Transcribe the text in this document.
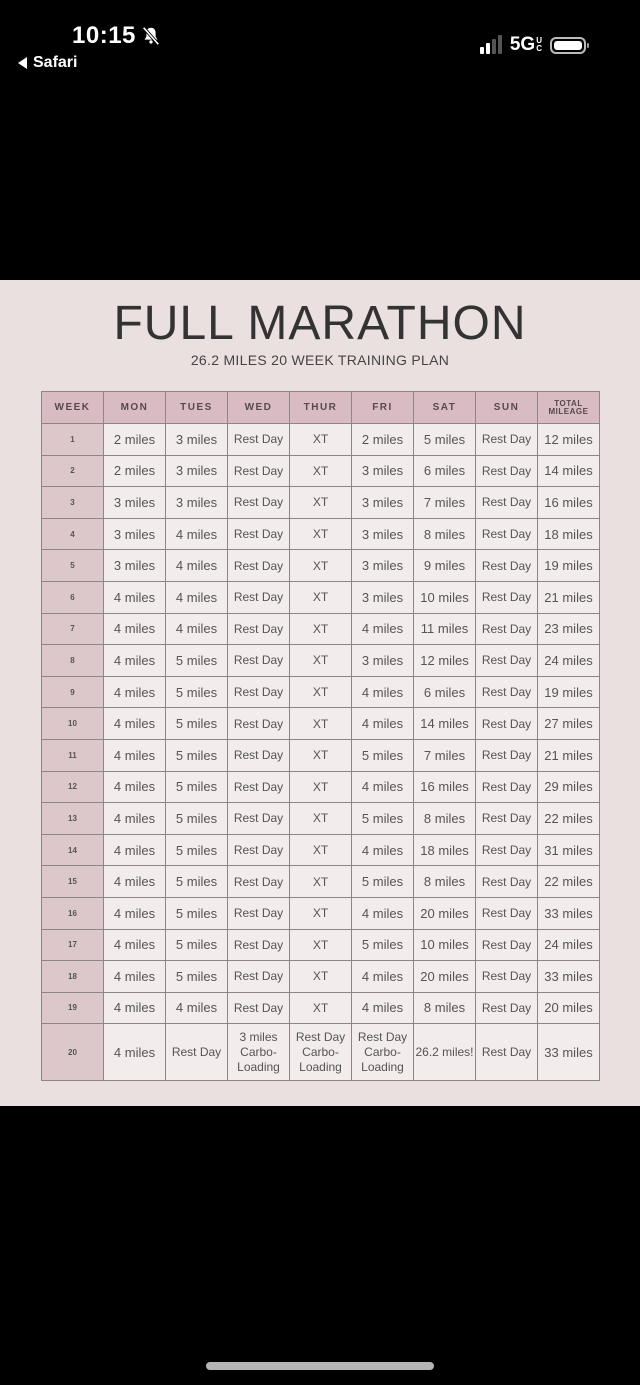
10:15
Safari
5G U
C
FULL MARATHON
26.2 MILES 20 WEEK TRAINING PLAN
WEEK	MON	TUES	WED	THUR	FRI	SAT	SUN	TOTAL MILEAGE
1	2 miles	3 miles	Rest Day	XT	2 miles	5 miles	Rest Day	12 miles
2	2 miles	3 miles	Rest Day	XT	3 miles	6 miles	Rest Day	14 miles
3	3 miles	3 miles	Rest Day	XT	3 miles	7 miles	Rest Day	16 miles
4	3 miles	4 miles	Rest Day	XT	3 miles	8 miles	Rest Day	18 miles
5	3 miles	4 miles	Rest Day	XT	3 miles	9 miles	Rest Day	19 miles
6	4 miles	4 miles	Rest Day	XT	3 miles	10 miles	Rest Day	21 miles
7	4 miles	4 miles	Rest Day	XT	4 miles	11 miles	Rest Day	23 miles
8	4 miles	5 miles	Rest Day	XT	3 miles	12 miles	Rest Day	24 miles
9	4 miles	5 miles	Rest Day	XT	4 miles	6 miles	Rest Day	19 miles
10	4 miles	5 miles	Rest Day	XT	4 miles	14 miles	Rest Day	27 miles
11	4 miles	5 miles	Rest Day	XT	5 miles	7 miles	Rest Day	21 miles
12	4 miles	5 miles	Rest Day	XT	4 miles	16 miles	Rest Day	29 miles
13	4 miles	5 miles	Rest Day	XT	5 miles	8 miles	Rest Day	22 miles
14	4 miles	5 miles	Rest Day	XT	4 miles	18 miles	Rest Day	31 miles
15	4 miles	5 miles	Rest Day	XT	5 miles	8 miles	Rest Day	22 miles
16	4 miles	5 miles	Rest Day	XT	4 miles	20 miles	Rest Day	33 miles
17	4 miles	5 miles	Rest Day	XT	5 miles	10 miles	Rest Day	24 miles
18	4 miles	5 miles	Rest Day	XT	4 miles	20 miles	Rest Day	33 miles
19	4 miles	4 miles	Rest Day	XT	4 miles	8 miles	Rest Day	20 miles
20	4 miles	Rest Day	3 miles Carbo-Loading	Rest Day Carbo-Loading	Rest Day Carbo-Loading	26.2 miles!	Rest Day	33 miles
